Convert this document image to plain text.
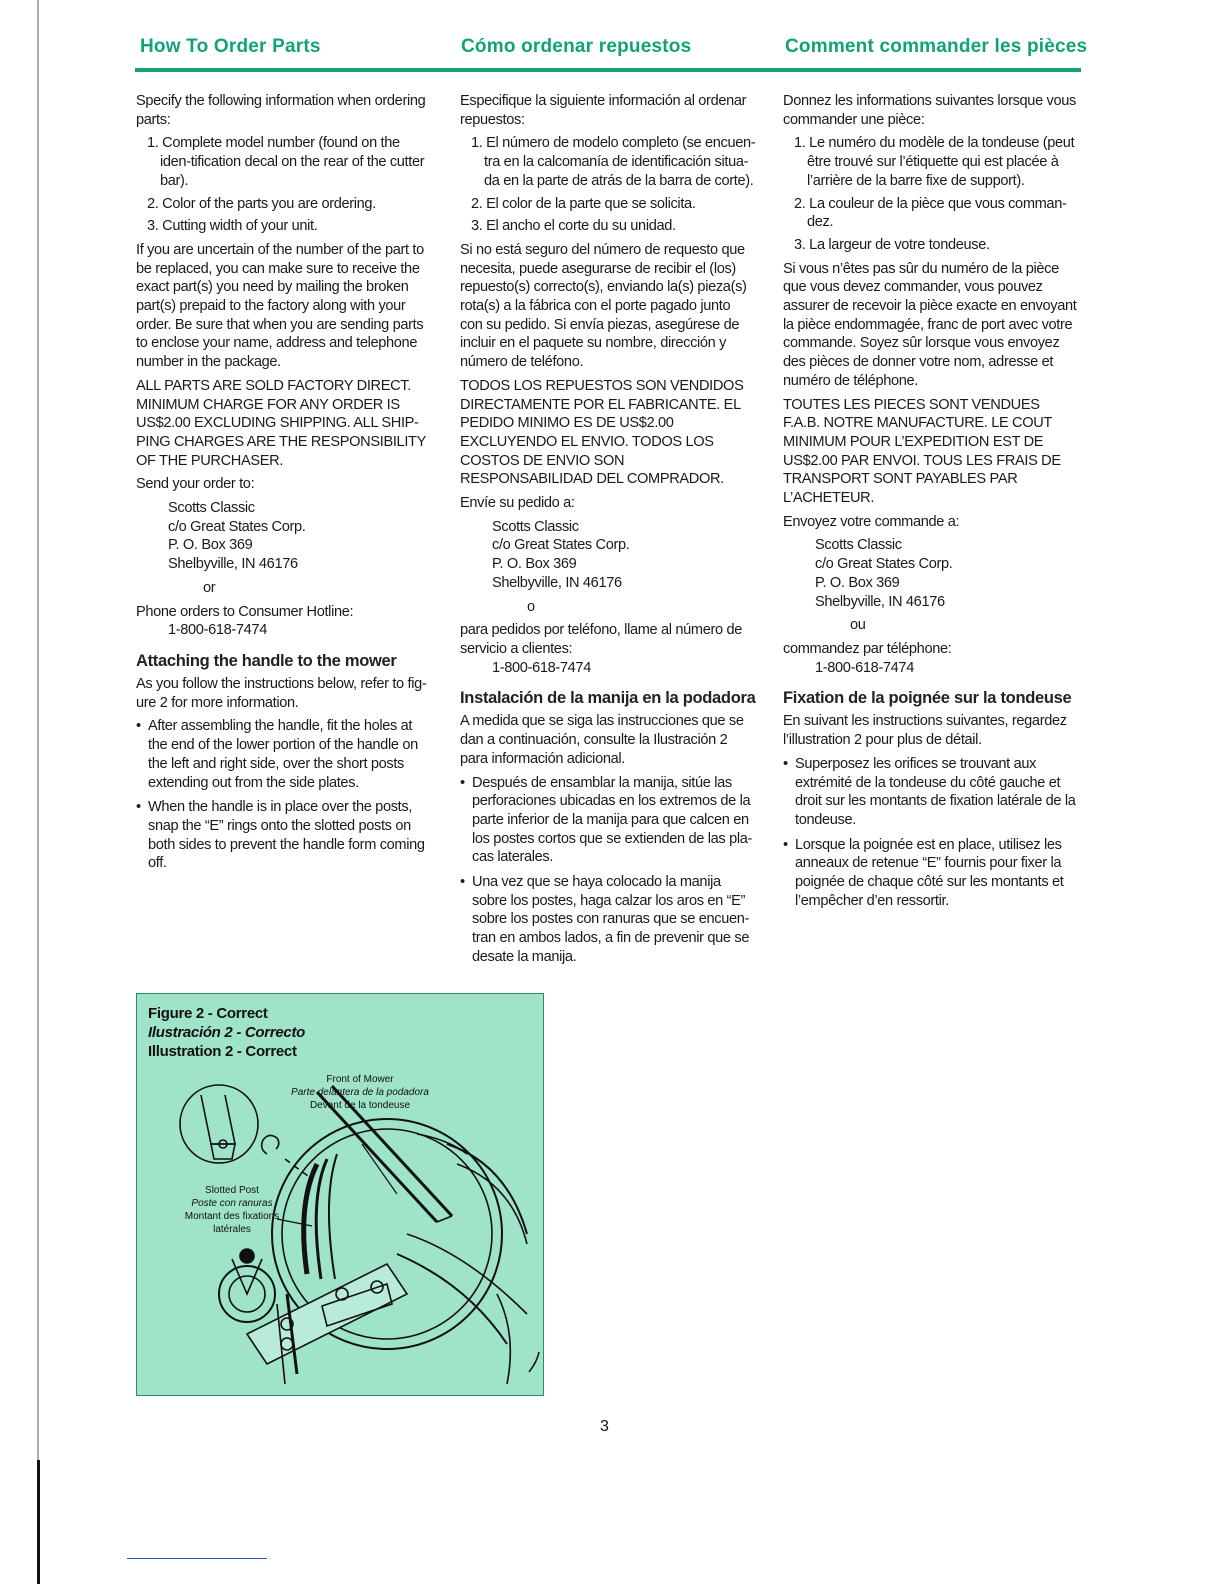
How To Order Parts	Cómo ordenar repuestos	Comment commander les pièces

Specify the following information when ordering parts:

1. Complete model number (found on the iden-tification decal on the rear of the cutter bar).
2. Color of the parts you are ordering.
3. Cutting width of your unit.

If you are uncertain of the number of the part to be replaced, you can make sure to receive the exact part(s) you need by mailing the broken part(s) prepaid to the factory along with your order. Be sure that when you are sending parts to enclose your name, address and telephone number in the package.

ALL PARTS ARE SOLD FACTORY DIRECT. MINIMUM CHARGE FOR ANY ORDER IS US$2.00 EXCLUDING SHIPPING. ALL SHIP-PING CHARGES ARE THE RESPONSIBILITY OF THE PURCHASER.

Send your order to:

Scotts Classic
c/o Great States Corp.
P. O. Box 369
Shelbyville, IN 46176

or

Phone orders to Consumer Hotline:

1-800-618-7474

Attaching the handle to the mower

As you follow the instructions below, refer to fig-ure 2 for more information.

• After assembling the handle, fit the holes at the end of the lower portion of the handle on the left and right side, over the short posts extending out from the side plates.
• When the handle is in place over the posts, snap the “E” rings onto the slotted posts on both sides to prevent the handle form coming off.

Especifique la siguiente información al ordenar repuestos:

1. El número de modelo completo (se encuen-tra en la calcomanía de identificación situa-da en la parte de atrás de la barra de corte).
2. El color de la parte que se solicita.
3. El ancho el corte du su unidad.

Si no está seguro del número de requesto que necesita, puede asegurarse de recibir el (los) repuesto(s) correcto(s), enviando la(s) pieza(s) rota(s) a la fábrica con el porte pagado junto con su pedido. Si envía piezas, asegúrese de incluir en el paquete su nombre, dirección y número de teléfono.

TODOS LOS REPUESTOS SON VENDIDOS DIRECTAMENTE POR EL FABRICANTE. EL PEDIDO MINIMO ES DE US$2.00 EXCLUYENDO EL ENVIO. TODOS LOS COSTOS DE ENVIO SON RESPONSABILIDAD DEL COMPRADOR.

Envíe su pedido a:

Scotts Classic
c/o Great States Corp.
P. O. Box 369
Shelbyville, IN 46176

o

para pedidos por teléfono, llame al número de servicio a clientes:

1-800-618-7474

Instalación de la manija en la podadora

A medida que se siga las instrucciones que se dan a continuación, consulte la Ilustración 2 para información adicional.

• Después de ensamblar la manija, sitúe las perforaciones ubicadas en los extremos de la parte inferior de la manija para que calcen en los postes cortos que se extienden de las pla-cas laterales.
• Una vez que se haya colocado la manija sobre los postes, haga calzar los aros en “E” sobre los postes con ranuras que se encuen-tran en ambos lados, a fin de prevenir que se desate la manija.

Donnez les informations suivantes lorsque vous commander une pièce:

1. Le numéro du modèle de la tondeuse (peut être trouvé sur l’étiquette qui est placée à l’arrière de la barre fixe de support).
2. La couleur de la pièce que vous comman-dez.
3. La largeur de votre tondeuse.

Si vous n’êtes pas sûr du numéro de la pièce que vous devez commander, vous pouvez assurer de recevoir la pièce exacte en envoyant la pièce endommagée, franc de port avec votre commande. Soyez sûr lorsque vous envoyez des pièces de donner votre nom, adresse et numéro de téléphone.

TOUTES LES PIECES SONT VENDUES F.A.B. NOTRE MANUFACTURE. LE COUT MINIMUM POUR L’EXPEDITION EST DE US$2.00 PAR ENVOI. TOUS LES FRAIS DE TRANSPORT SONT PAYABLES PAR L’ACHETEUR.

Envoyez votre commande a:

Scotts Classic
c/o Great States Corp.
P. O. Box 369
Shelbyville, IN 46176

ou

commandez par téléphone:

1-800-618-7474

Fixation de la poignée sur la tondeuse

En suivant les instructions suivantes, regardez l’illustration 2 pour plus de détail.

• Superposez les orifices se trouvant aux extrémité de la tondeuse du côté gauche et droit sur les montants de fixation latérale de la tondeuse.
• Lorsque la poignée est en place, utilisez les anneaux de retenue “E” fournis pour fixer la poignée de chaque côté sur les montants et l’empêcher d’en ressortir.
Figure 2 - Correct
Ilustración 2 - Correcto
Illustration 2 - Correct
Front of Mower
Parte delantera de la podadora
Devant de la tondeuse
Slotted Post
Poste con ranuras
Montant des fixations latérales
3
